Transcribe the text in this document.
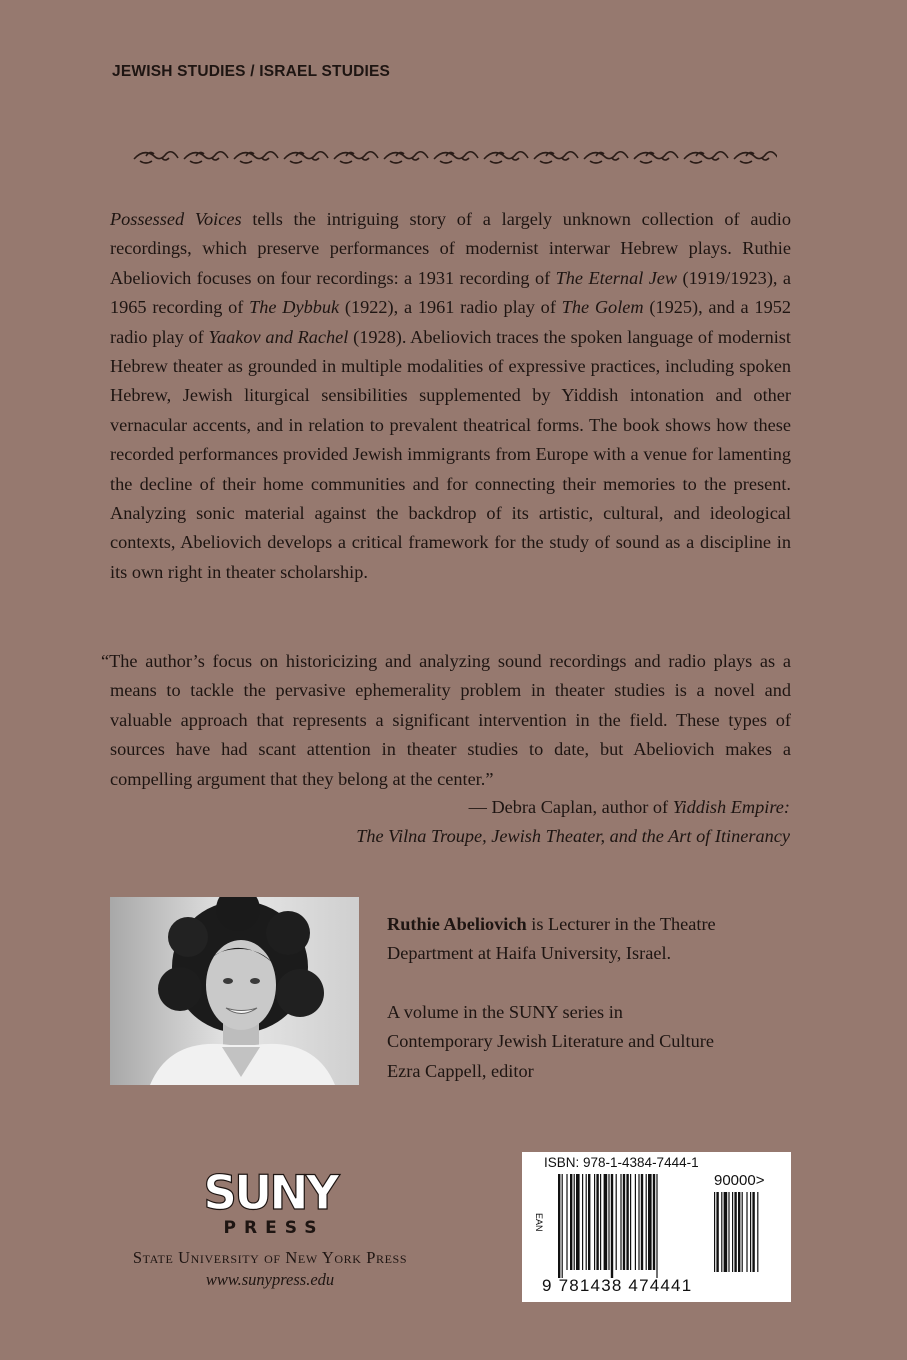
JEWISH STUDIES / ISRAEL STUDIES

Possessed Voices tells the intriguing story of a largely unknown collection of audio recordings, which preserve performances of modernist interwar Hebrew plays. Ruthie Abeliovich focuses on four recordings: a 1931 recording of The Eternal Jew (1919/1923), a 1965 recording of The Dybbuk (1922), a 1961 radio play of The Golem (1925), and a 1952 radio play of Yaakov and Rachel (1928). Abeliovich traces the spoken language of modernist Hebrew theater as grounded in multiple modalities of expressive practices, including spoken Hebrew, Jewish liturgical sensibilities supplemented by Yiddish intonation and other vernacular accents, and in relation to prevalent theatrical forms. The book shows how these recorded performances provided Jewish immigrants from Europe with a venue for lamenting the decline of their home communities and for connecting their memories to the present. Analyzing sonic material against the backdrop of its artistic, cultural, and ideological contexts, Abeliovich develops a critical framework for the study of sound as a discipline in its own right in theater scholarship.

“The author’s focus on historicizing and analyzing sound recordings and radio plays as a means to tackle the pervasive ephemerality problem in theater studies is a novel and valuable approach that represents a significant intervention in the field. These types of sources have had scant attention in theater studies to date, but Abeliovich makes a compelling argument that they belong at the center.”

— Debra Caplan, author of Yiddish Empire:
The Vilna Troupe, Jewish Theater, and the Art of Itinerancy

Ruthie Abeliovich is Lecturer in the Theatre Department at Haifa University, Israel.

A volume in the SUNY series in

Contemporary Jewish Literature and Culture

Ezra Cappell, editor

SUNY
PRESS
State University of New York Press
www.sunypress.edu
ISBN: 978-1-4384-7444-1
90000>
EAN
9 781438 474441
